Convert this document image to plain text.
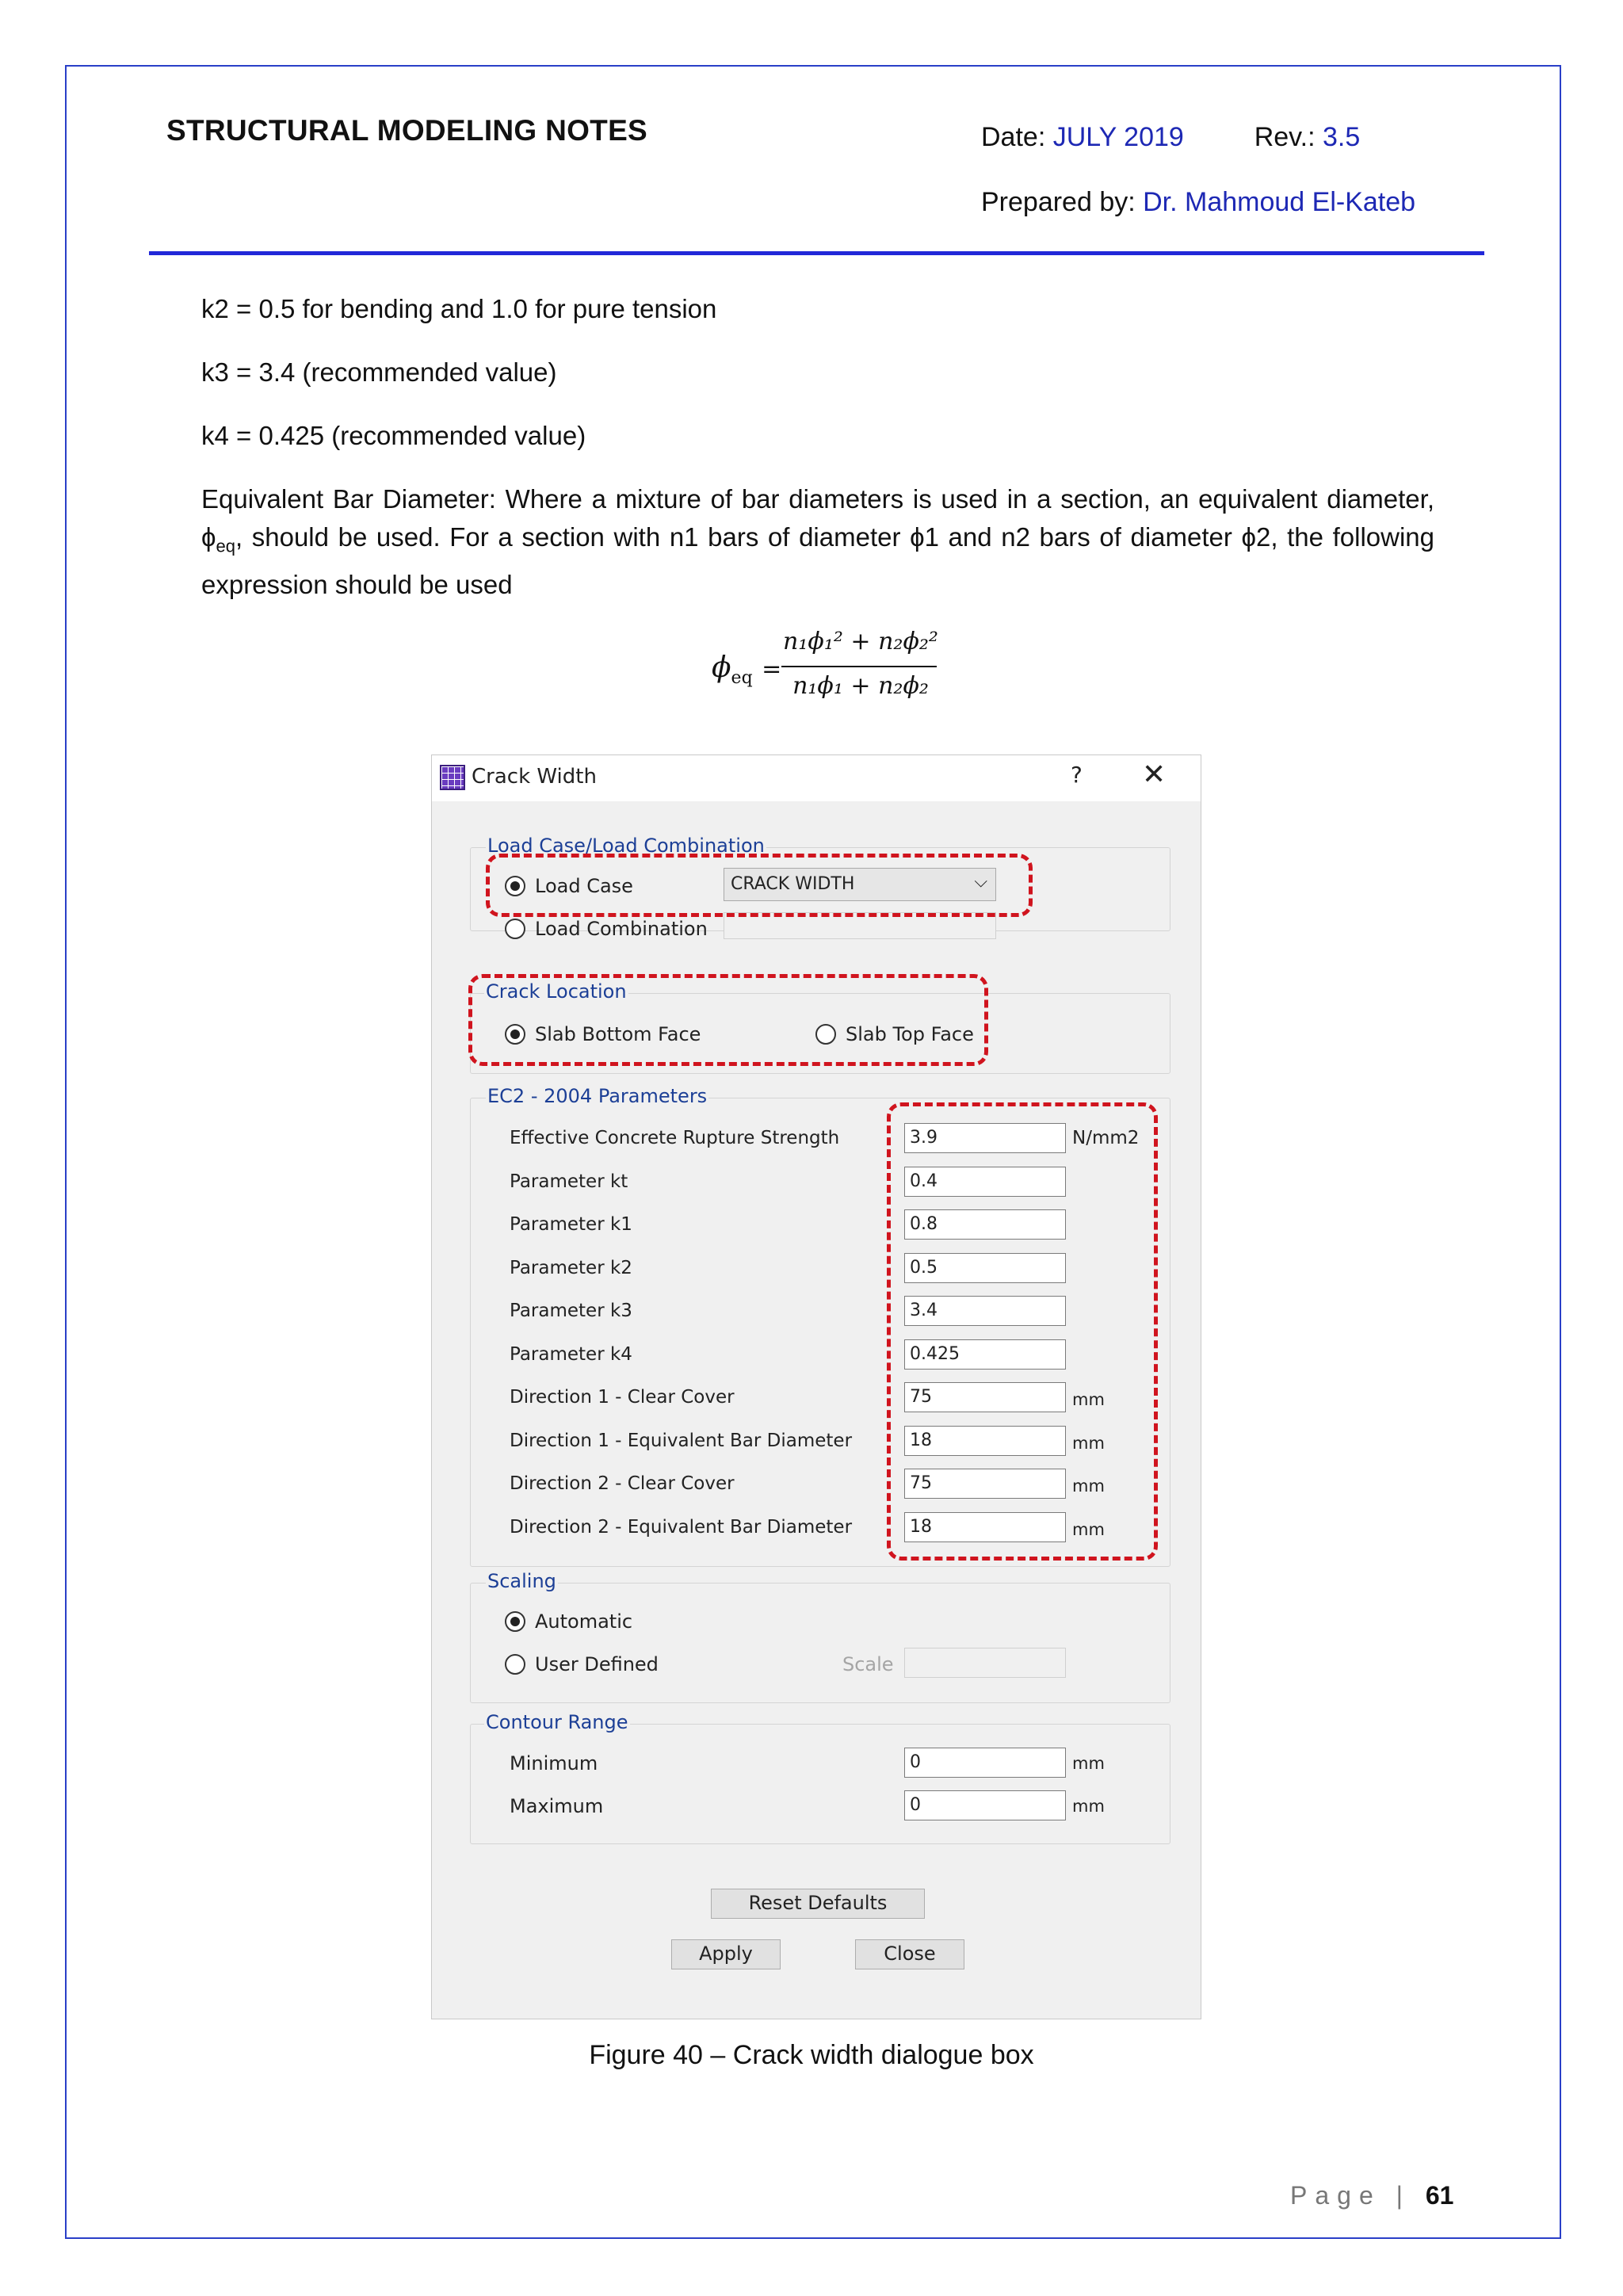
STRUCTURAL MODELING NOTES	Date: JULY 2019	Rev.: 3.5
Prepared by: Dr. Mahmoud El-Kateb
k2 = 0.5 for bending and 1.0 for pure tension
k3 = 3.4 (recommended value)
k4 = 0.425 (recommended value)
Equivalent Bar Diameter: Where a mixture of bar diameters is used in a section, an equivalent diameter, $\phi_{eq}$, should be used. For a section with n1 bars of diameter ϕ1 and n2 bars of diameter ϕ2, the following expression should be used
$\phi_{eq}$ =
n₁ϕ₁² + n₂ϕ₂²
n₁ϕ₁ + n₂ϕ₂
Crack Width	? ✕
Load Case/Load Combination
Load Case	CRACK WIDTH	⌵
Load Combination
Crack Location
Slab Bottom Face	Slab Top Face
EC2 - 2004 Parameters
Effective Concrete Rupture Strength	3.9	N/mm2
Parameter kt	0.4
Parameter k1	0.8
Parameter k2	0.5
Parameter k3	3.4
Parameter k4	0.425
Direction 1 - Clear Cover	75	mm
Direction 1 - Equivalent Bar Diameter	18	mm
Direction 2 - Clear Cover	75	mm
Direction 2 - Equivalent Bar Diameter	18	mm
Scaling
Automatic
User Defined	Scale
Contour Range
Minimum	0	mm
Maximum	0	mm
Reset Defaults
Apply	Close
Figure 40 – Crack width dialogue box
Page | 61
